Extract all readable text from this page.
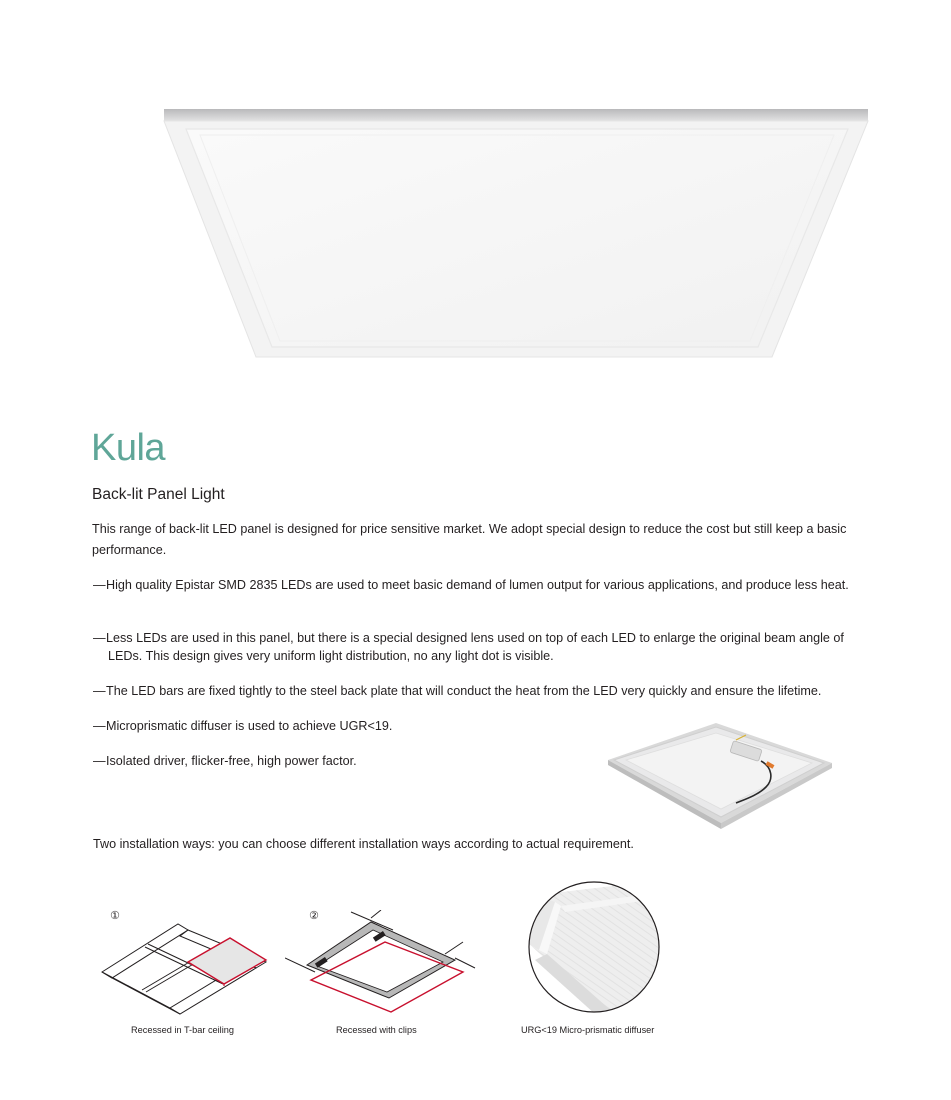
Kula
Back-lit Panel Light
This range of back-lit LED panel is designed for price sensitive market. We adopt special design to reduce the cost but still keep a basic performance.
—High quality Epistar SMD 2835 LEDs are used to meet basic demand of lumen output for various applications, and produce less heat.
—Less LEDs are used in this panel, but there is a special designed lens used on top of each LED to enlarge the original beam angle of LEDs. This design gives very uniform light distribution, no any light dot is visible.
—The LED bars are fixed tightly to the steel back plate that will conduct the heat from the LED very quickly and ensure the lifetime.
—Microprismatic diffuser is used to achieve UGR<19.
—Isolated driver, flicker-free, high power factor.
Two installation ways: you can choose different installation ways according to actual requirement.
①
Recessed in T-bar ceiling
②
Recessed with clips	URG<19 Micro-prismatic diffuser
